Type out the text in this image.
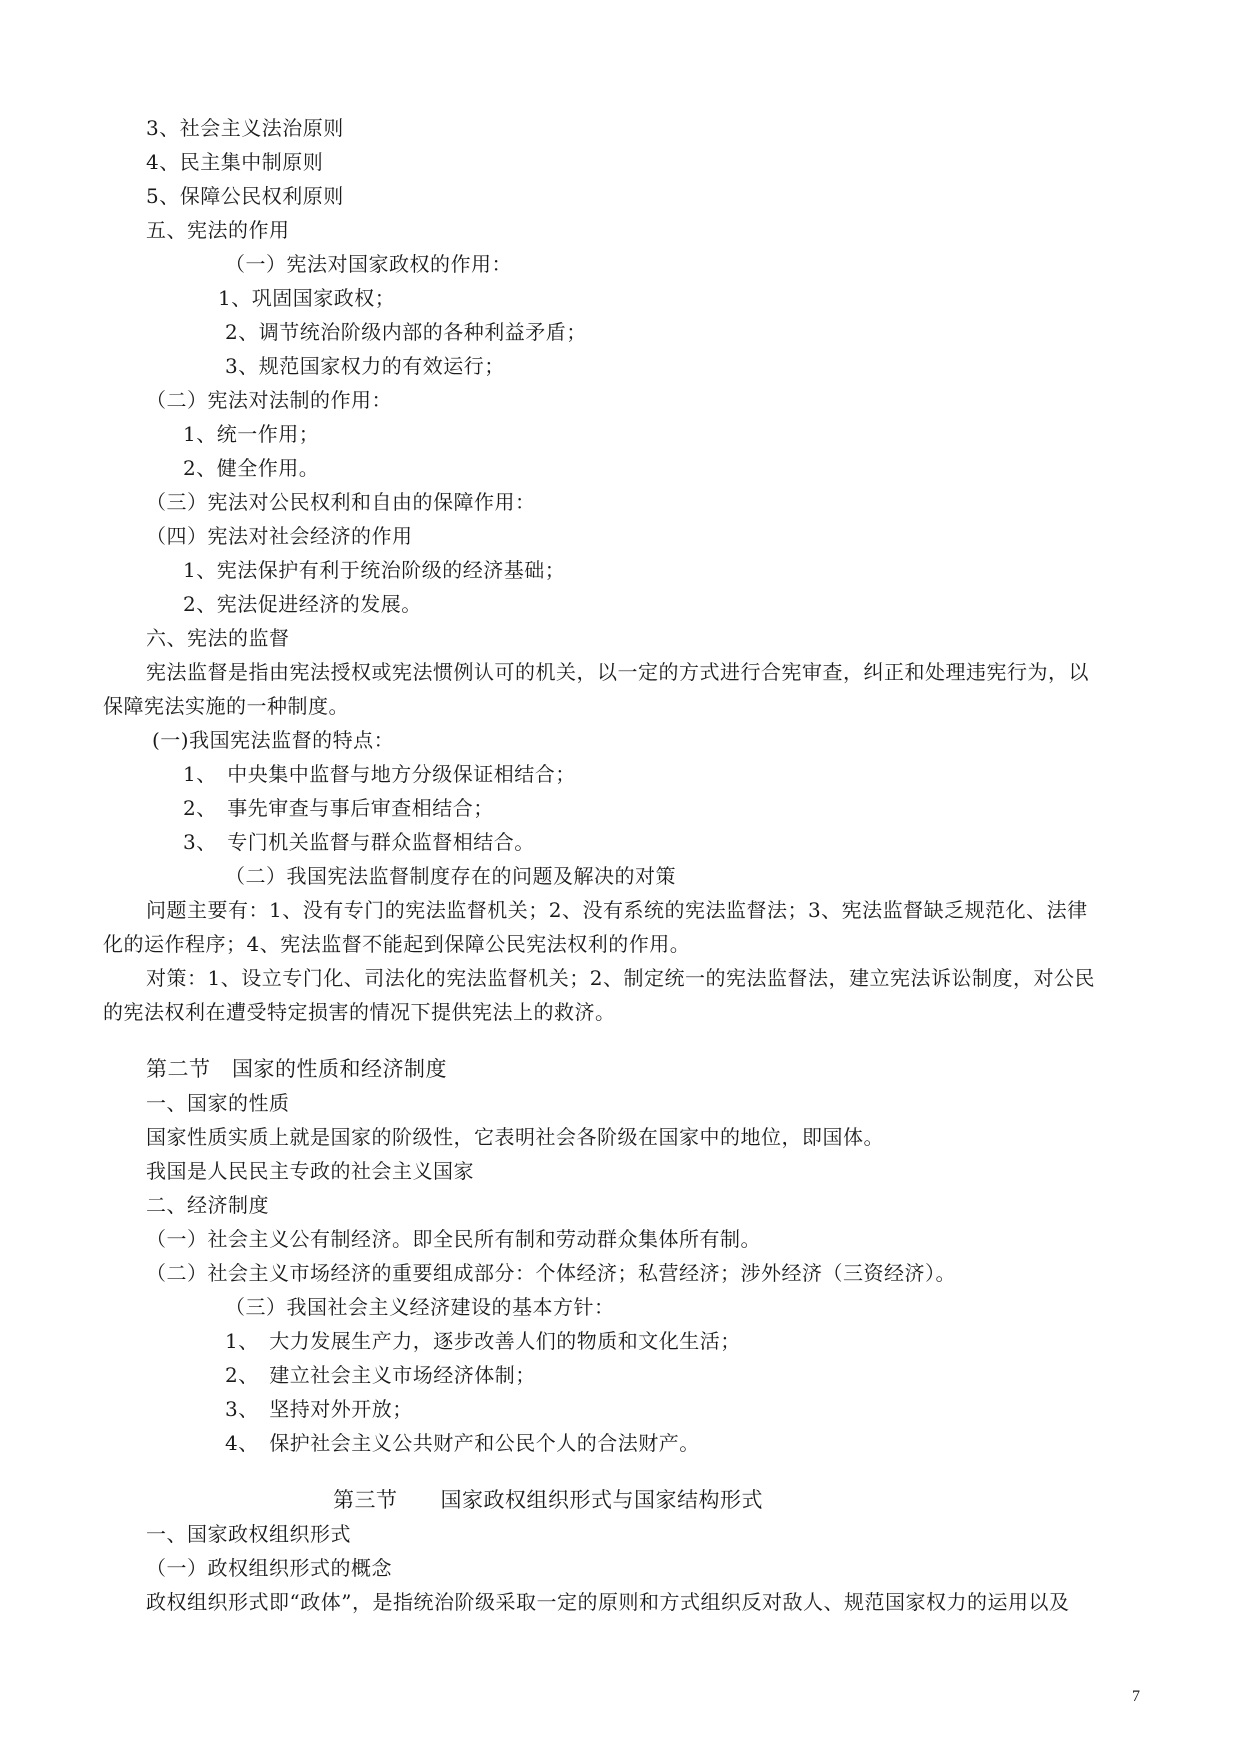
3、社会主义法治原则
4、民主集中制原则
5、保障公民权利原则
五、宪法的作用
（一）宪法对国家政权的作用：
1、巩固国家政权；
2、调节统治阶级内部的各种利益矛盾；
3、规范国家权力的有效运行；
（二）宪法对法制的作用：
1、统一作用；
2、健全作用。
（三）宪法对公民权利和自由的保障作用：
（四）宪法对社会经济的作用
1、宪法保护有利于统治阶级的经济基础；
2、宪法促进经济的发展。
六、宪法的监督
宪法监督是指由宪法授权或宪法惯例认可的机关，以一定的方式进行合宪审查，纠正和处理违宪行为，以
保障宪法实施的一种制度。
(一)我国宪法监督的特点：
1、　中央集中监督与地方分级保证相结合；
2、　事先审查与事后审查相结合；
3、　专门机关监督与群众监督相结合。
（二）我国宪法监督制度存在的问题及解决的对策
问题主要有：1、没有专门的宪法监督机关；2、没有系统的宪法监督法；3、宪法监督缺乏规范化、法律
化的运作程序；4、宪法监督不能起到保障公民宪法权利的作用。
对策：1、设立专门化、司法化的宪法监督机关；2、制定统一的宪法监督法，建立宪法诉讼制度，对公民
的宪法权利在遭受特定损害的情况下提供宪法上的救济。
第二节　国家的性质和经济制度
一、国家的性质
国家性质实质上就是国家的阶级性，它表明社会各阶级在国家中的地位，即国体。
我国是人民民主专政的社会主义国家
二、经济制度
（一）社会主义公有制经济。即全民所有制和劳动群众集体所有制。
（二）社会主义市场经济的重要组成部分：个体经济；私营经济；涉外经济（三资经济）。
（三）我国社会主义经济建设的基本方针：
1、　大力发展生产力，逐步改善人们的物质和文化生活；
2、　建立社会主义市场经济体制；
3、　坚持对外开放；
4、　保护社会主义公共财产和公民个人的合法财产。
第三节　　国家政权组织形式与国家结构形式
一、国家政权组织形式
（一）政权组织形式的概念
政权组织形式即“政体”，是指统治阶级采取一定的原则和方式组织反对敌人、规范国家权力的运用以及
7
